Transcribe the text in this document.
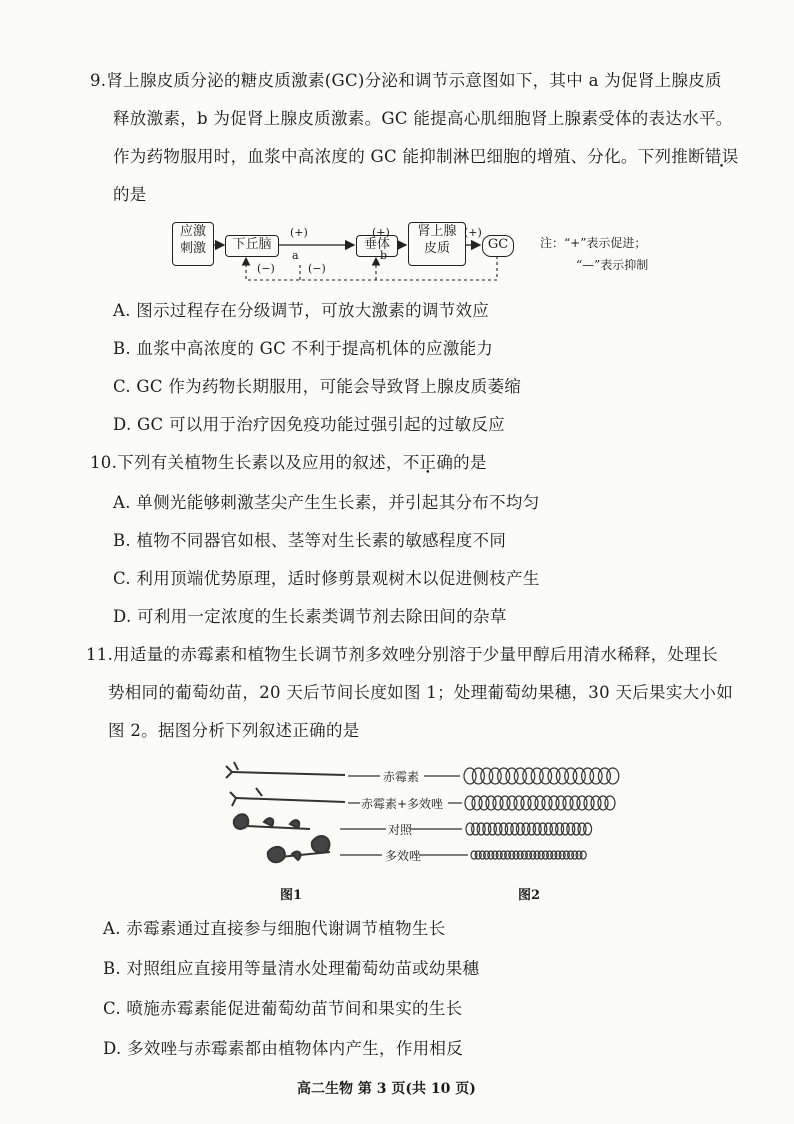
9.肾上腺皮质分泌的糖皮质激素(GC)分泌和调节示意图如下，其中 a 为促肾上腺皮质
释放激素，b 为促肾上腺皮质激素。GC 能提高心肌细胞肾上腺素受体的表达水平。
作为药物服用时，血浆中高浓度的 GC 能抑制淋巴细胞的增殖、分化。下列推断错误
的是
应激
刺激	下丘脑	垂体
肾上腺
皮质	GC
(+)
a
(−)	(−)
(+)
b
(+)
注：“+”表示促进；
“—”表示抑制
A. 图示过程存在分级调节，可放大激素的调节效应
B. 血浆中高浓度的 GC 不利于提高机体的应激能力
C. GC 作为药物长期服用，可能会导致肾上腺皮质萎缩
D. GC 可以用于治疗因免疫功能过强引起的过敏反应
10.下列有关植物生长素以及应用的叙述，不正确的是
A. 单侧光能够刺激茎尖产生生长素，并引起其分布不均匀
B. 植物不同器官如根、茎等对生长素的敏感程度不同
C. 利用顶端优势原理，适时修剪景观树木以促进侧枝产生
D. 可利用一定浓度的生长素类调节剂去除田间的杂草
11.用适量的赤霉素和植物生长调节剂多效唑分别溶于少量甲醇后用清水稀释，处理长
势相同的葡萄幼苗，20 天后节间长度如图 1；处理葡萄幼果穗，30 天后果实大小如
图 2。据图分析下列叙述正确的是
赤霉素
赤霉素+多效唑
对照
多效唑
图1	图2
A. 赤霉素通过直接参与细胞代谢调节植物生长
B. 对照组应直接用等量清水处理葡萄幼苗或幼果穗
C. 喷施赤霉素能促进葡萄幼苗节间和果实的生长
D. 多效唑与赤霉素都由植物体内产生，作用相反
高二生物 第 3 页(共 10 页)
